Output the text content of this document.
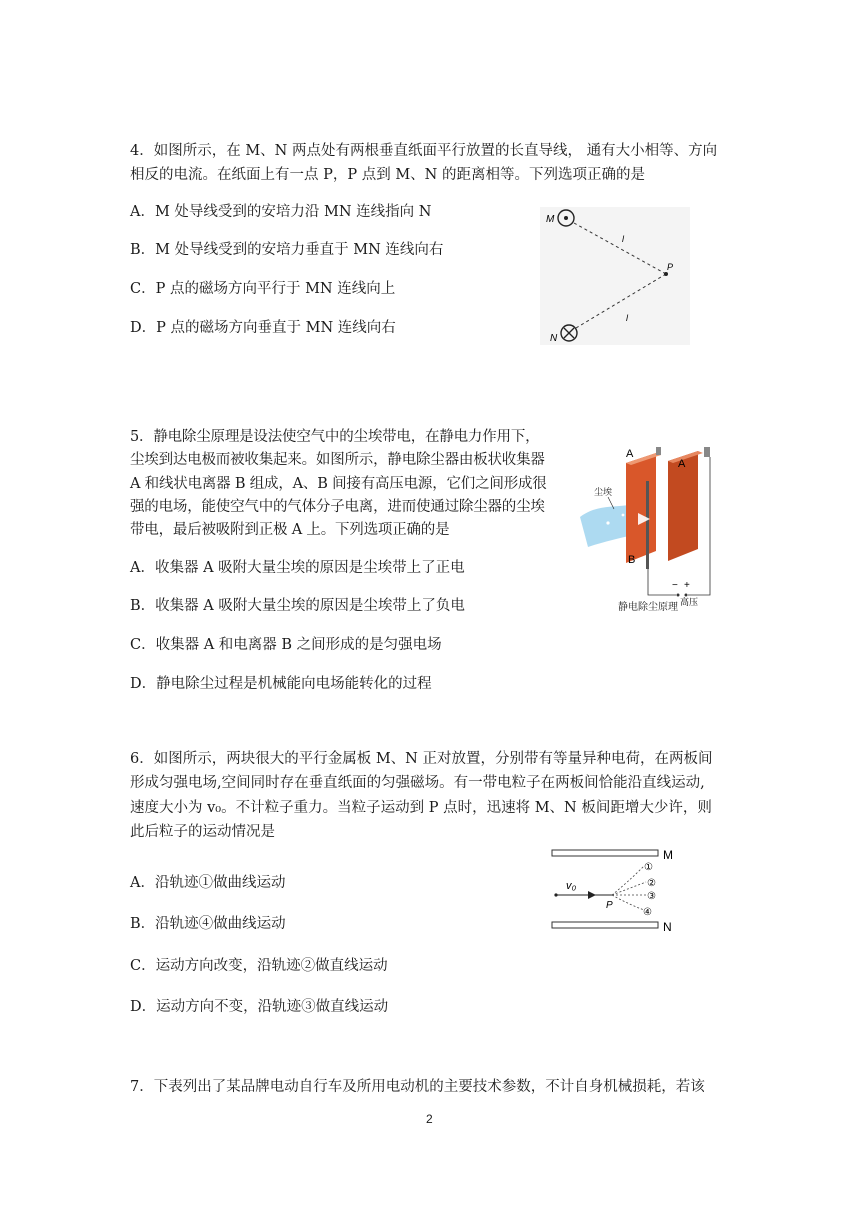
4．如图所示，在 M、N 两点处有两根垂直纸面平行放置的长直导线， 通有大小相等、方向
相反的电流。在纸面上有一点 P，P 点到 M、N 的距离相等。下列选项正确的是
A．M 处导线受到的安培力沿 MN 连线指向 N
B．M 处导线受到的安培力垂直于 MN 连线向右
C．P 点的磁场方向平行于 MN 连线向上
D．P 点的磁场方向垂直于 MN 连线向右
M
N
P
l
l
5．静电除尘原理是设法使空气中的尘埃带电，在静电力作用下，
尘埃到达电极而被收集起来。如图所示，静电除尘器由板状收集器
A 和线状电离器 B 组成，A、B 间接有高压电源，它们之间形成很
强的电场，能使空气中的气体分子电离，进而使通过除尘器的尘埃
带电，最后被吸附到正极 A 上。下列选项正确的是
A．收集器 A 吸附大量尘埃的原因是尘埃带上了正电
B．收集器 A 吸附大量尘埃的原因是尘埃带上了负电
C．收集器 A 和电离器 B 之间形成的是匀强电场
D．静电除尘过程是机械能向电场能转化的过程
尘埃
A
A
B
− +
高压
静电除尘原理
6．如图所示，两块很大的平行金属板 M、N 正对放置，分别带有等量异种电荷，在两板间
形成匀强电场,空间同时存在垂直纸面的匀强磁场。有一带电粒子在两板间恰能沿直线运动,
速度大小为 v₀。不计粒子重力。当粒子运动到 P 点时，迅速将 M、N 板间距增大少许，则
此后粒子的运动情况是
A．沿轨迹①做曲线运动
B．沿轨迹④做曲线运动
C．运动方向改变，沿轨迹②做直线运动
D．运动方向不变，沿轨迹③做直线运动
M
N
v₀
P
①
②
③
④
7．下表列出了某品牌电动自行车及所用电动机的主要技术参数，不计自身机械损耗，若该
2
